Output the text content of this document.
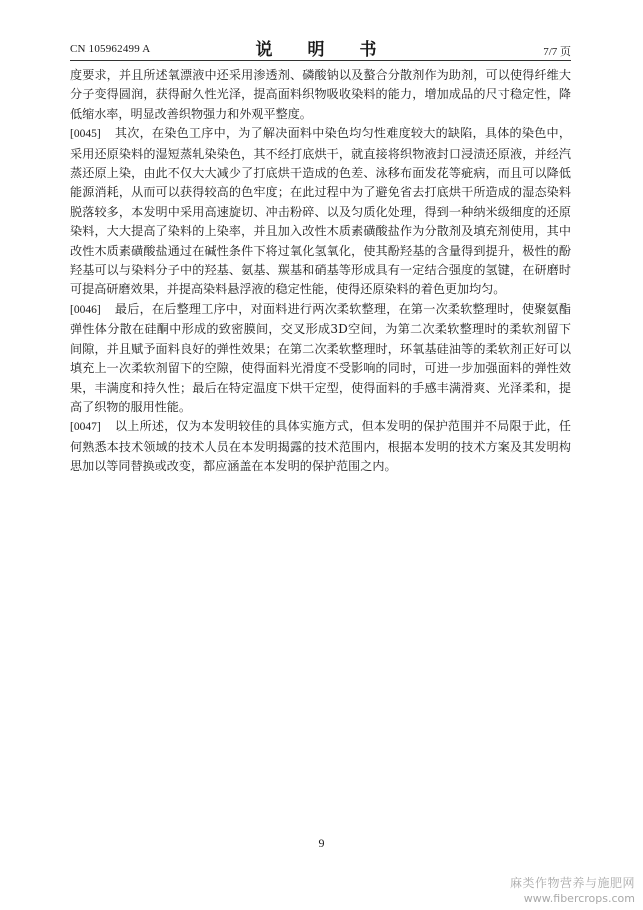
CN 105962499 A	说　明　书	7/7 页

度要求，并且所述氧漂液中还采用渗透剂、磷酸钠以及螯合分散剂作为助剂，可以使得纤维大分子变得圆润，获得耐久性光泽，提高面料织物吸收染料的能力，增加成品的尺寸稳定性，降低缩水率，明显改善织物强力和外观平整度。

[0045] 其次，在染色工序中，为了解决面料中染色均匀性难度较大的缺陷，具体的染色中，采用还原染料的湿短蒸轧染染色，其不经打底烘干，就直接将织物液封口浸渍还原液，并经汽蒸还原上染，由此不仅大大减少了打底烘干造成的色差、泳移布面发花等疵病，而且可以降低能源消耗，从而可以获得较高的色牢度；在此过程中为了避免省去打底烘干所造成的湿态染料脱落较多，本发明中采用高速旋切、冲击粉碎、以及匀质化处理，得到一种纳米级细度的还原染料，大大提高了染料的上染率，并且加入改性木质素磺酸盐作为分散剂及填充剂使用，其中改性木质素磺酸盐通过在碱性条件下将过氧化氢氧化，使其酚羟基的含量得到提升，极性的酚羟基可以与染料分子中的羟基、氨基、羰基和硝基等形成具有一定结合强度的氢键，在研磨时可提高研磨效果，并提高染料悬浮液的稳定性能，使得还原染料的着色更加均匀。

[0046] 最后，在后整理工序中，对面料进行两次柔软整理，在第一次柔软整理时，使聚氨酯弹性体分散在硅酮中形成的致密膜间，交叉形成3D空间，为第二次柔软整理时的柔软剂留下间隙，并且赋予面料良好的弹性效果；在第二次柔软整理时，环氧基硅油等的柔软剂正好可以填充上一次柔软剂留下的空隙，使得面料光滑度不受影响的同时，可进一步加强面料的弹性效果，丰满度和持久性；最后在特定温度下烘干定型，使得面料的手感丰满滑爽、光泽柔和，提高了织物的服用性能。

[0047] 以上所述，仅为本发明较佳的具体实施方式，但本发明的保护范围并不局限于此，任何熟悉本技术领域的技术人员在本发明揭露的技术范围内，根据本发明的技术方案及其发明构思加以等同替换或改变，都应涵盖在本发明的保护范围之内。

9
麻类作物营养与施肥网
www.fibercrops.com
